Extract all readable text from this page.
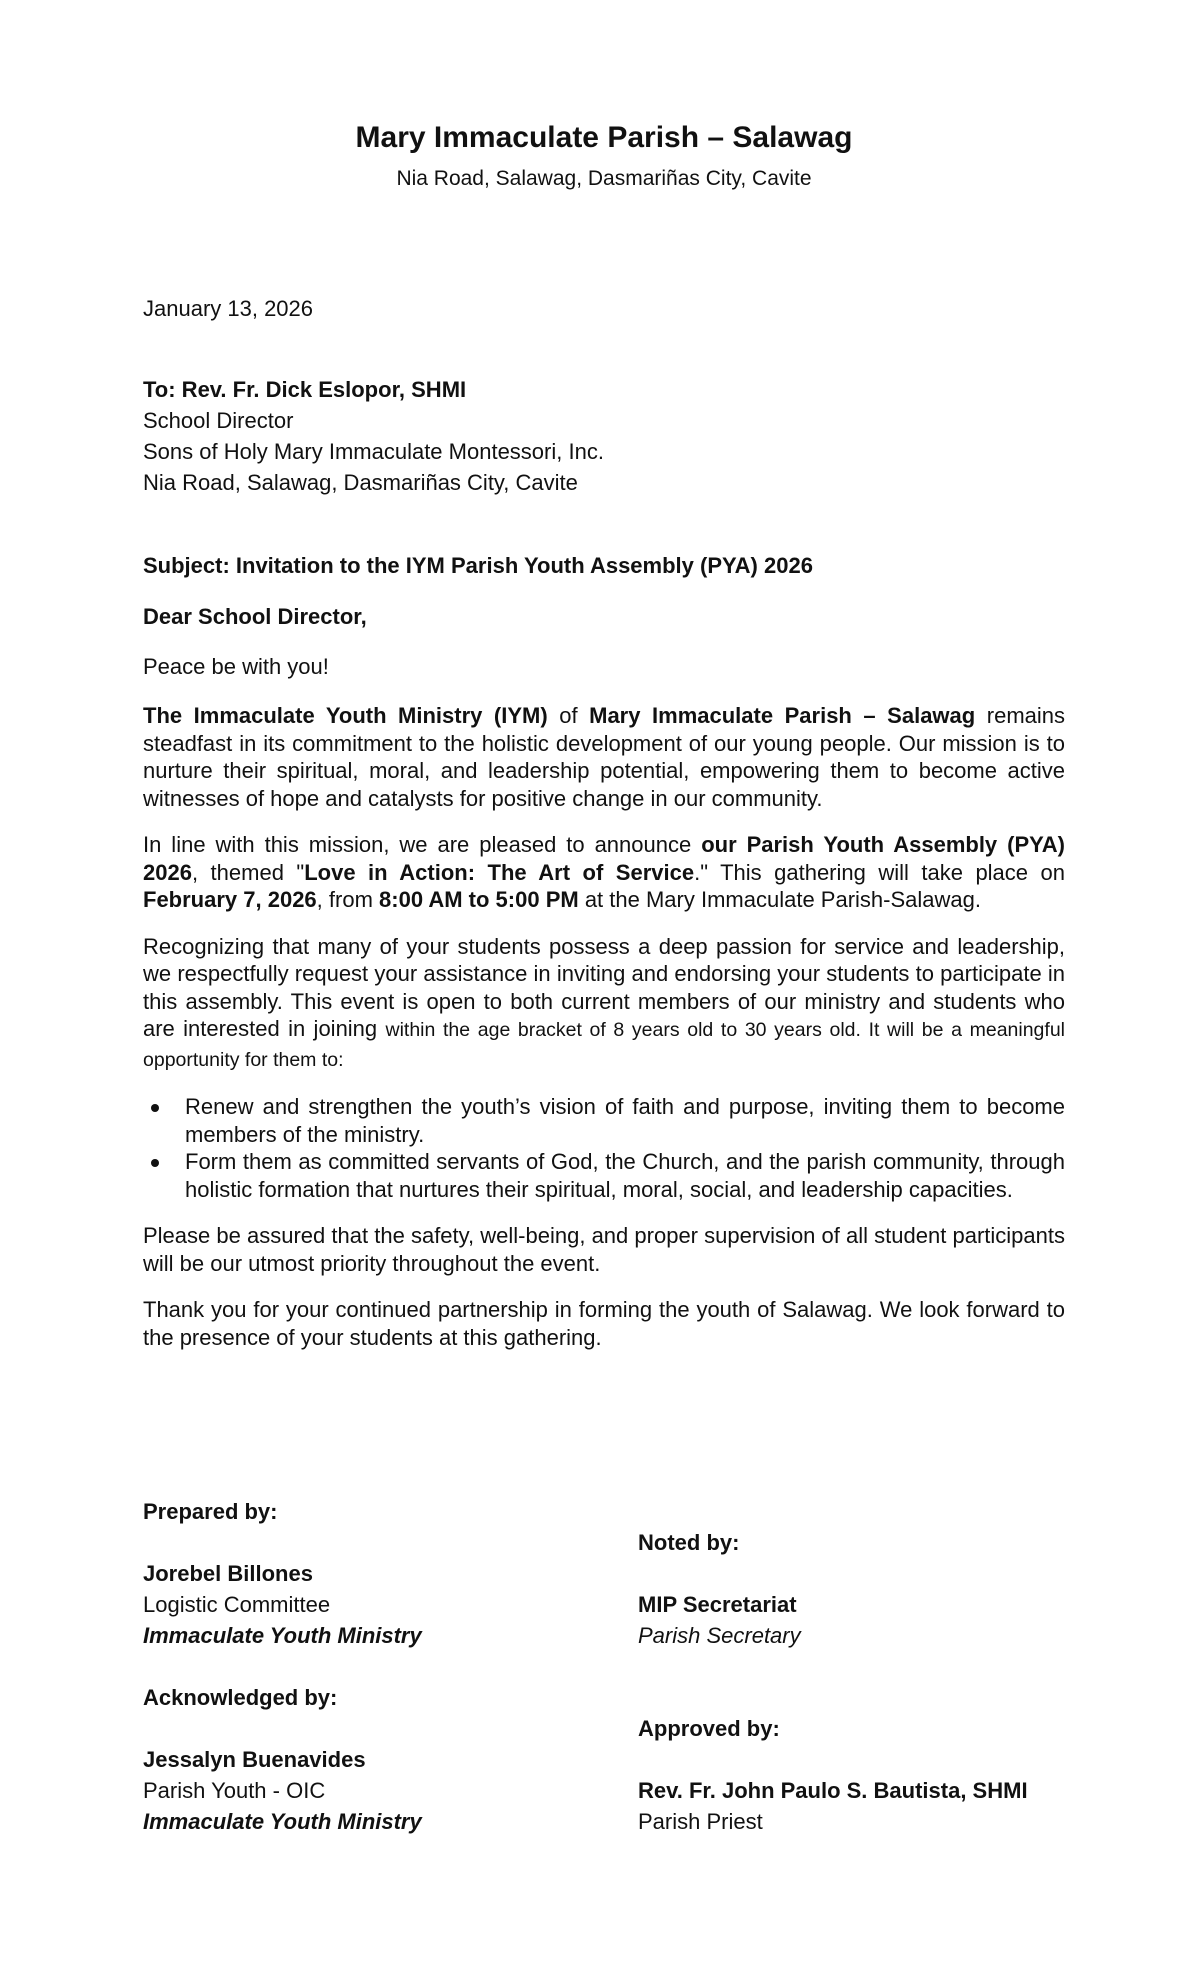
Mary Immaculate Parish – Salawag
Nia Road, Salawag, Dasmariñas City, Cavite
January 13, 2026
To: Rev. Fr. Dick Eslopor, SHMI
School Director
Sons of Holy Mary Immaculate Montessori, Inc.
Nia Road, Salawag, Dasmariñas City, Cavite
Subject: Invitation to the IYM Parish Youth Assembly (PYA) 2026
Dear School Director,
Peace be with you!

The Immaculate Youth Ministry (IYM) of Mary Immaculate Parish – Salawag remains steadfast in its commitment to the holistic development of our young people. Our mission is to nurture their spiritual, moral, and leadership potential, empowering them to become active witnesses of hope and catalysts for positive change in our community.

In line with this mission, we are pleased to announce our Parish Youth Assembly (PYA) 2026, themed "Love in Action: The Art of Service." This gathering will take place on February 7, 2026, from 8:00 AM to 5:00 PM at the Mary Immaculate Parish-Salawag.

Recognizing that many of your students possess a deep passion for service and leadership, we respectfully request your assistance in inviting and endorsing your students to participate in this assembly. This event is open to both current members of our ministry and students who are interested in joining within the age bracket of 8 years old to 30 years old. It will be a meaningful opportunity for them to:

Renew and strengthen the youth’s vision of faith and purpose, inviting them to become members of the ministry.
Form them as committed servants of God, the Church, and the parish community, through holistic formation that nurtures their spiritual, moral, social, and leadership capacities.

Please be assured that the safety, well-being, and proper supervision of all student participants will be our utmost priority throughout the event.

Thank you for your continued partnership in forming the youth of Salawag. We look forward to the presence of your students at this gathering.

Prepared by:
Jorebel Billones
Logistic Committee
Immaculate Youth Ministry
Acknowledged by:
Jessalyn Buenavides
Parish Youth - OIC
Immaculate Youth Ministry
Noted by:
MIP Secretariat
Parish Secretary
Approved by:
Rev. Fr. John Paulo S. Bautista, SHMI
Parish Priest
